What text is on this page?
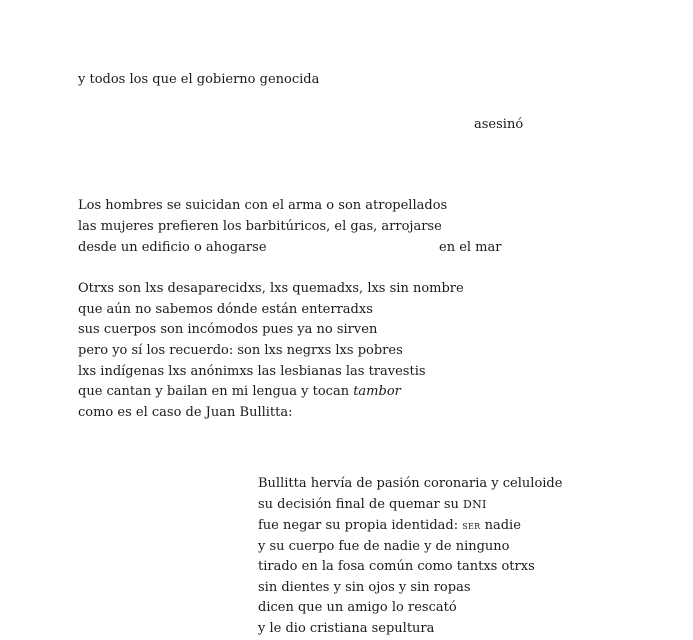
y todos los que el gobierno genocida

asesinó

Los hombres se suicidan con el arma o son atropellados

las mujeres prefieren los barbitúricos, el gas, arrojarse

desde un edificio o ahogarse	en el mar

Otrxs son lxs desaparecidxs, lxs quemadxs, lxs sin nombre

que aún no sabemos dónde están enterradxs

sus cuerpos son incómodos pues ya no sirven

pero yo sí los recuerdo: son lxs negrxs lxs pobres

lxs indígenas lxs anónimxs las lesbianas las travestis

que cantan y bailan en mi lengua y tocan tambor

como es el caso de Juan Bullitta:

Bullitta hervía de pasión coronaria y celuloide

su decisión final de quemar su DNI

fue negar su propia identidad: ser nadie

y su cuerpo fue de nadie y de ninguno

tirado en la fosa común como tantxs otrxs

sin dientes y sin ojos y sin ropas

dicen que un amigo lo rescató

y le dio cristiana sepultura
